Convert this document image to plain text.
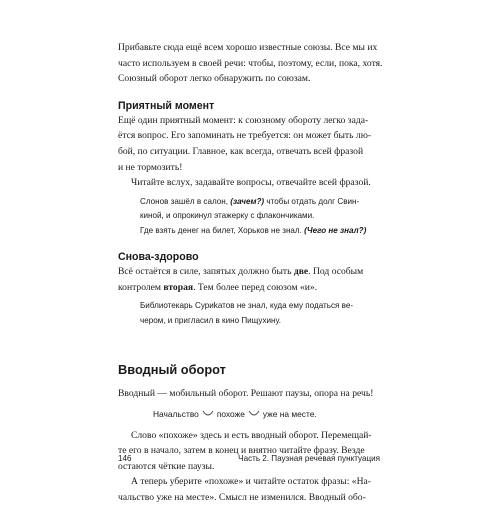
Прибавьте сюда ещё всем хорошо известные союзы. Все мы их
часто используем в своей речи: чтобы, поэтому, если, пока, хотя.
Союзный оборот легко обнаружить по союзам.
Приятный момент
Ещё один приятный момент: к союзному обороту легко зада-
ётся вопрос. Его запоминать не требуется: он может быть лю-
бой, по ситуации. Главное, как всегда, отвечать всей фразой
и не тормозить!
Читайте вслух, задавайте вопросы, отвечайте всей фразой.
Слонов зашёл в салон, (зачем?) чтобы отдать долг Свин-
киной, и опрокинул этажерку с флакончиками.
Где взять денег на билет, Хорьков не знал. (Чего не знал?)
Снова-здорово
Всё остаётся в силе, запятых должно быть две. Под особым
контролем вторая. Тем более перед союзом «и».
Библиотекарь Суриkатов не знал, куда ему податься ве-
чером, и пригласил в кино Пищухину.
Вводный оборот
Вводный — мобильный оборот. Решают паузы, опора на речь!
Начальство похоже уже на месте.
Слово «похоже» здесь и есть вводный оборот. Перемещай-
те его в начало, затем в конец и внятно читайте фразу. Везде
остаются чёткие паузы.
А теперь уберите «похоже» и читайте остаток фразы: «На-
чальство уже на месте». Смысл не изменился. Вводный обо-
146	Часть 2. Паузная речевая пунктуация
